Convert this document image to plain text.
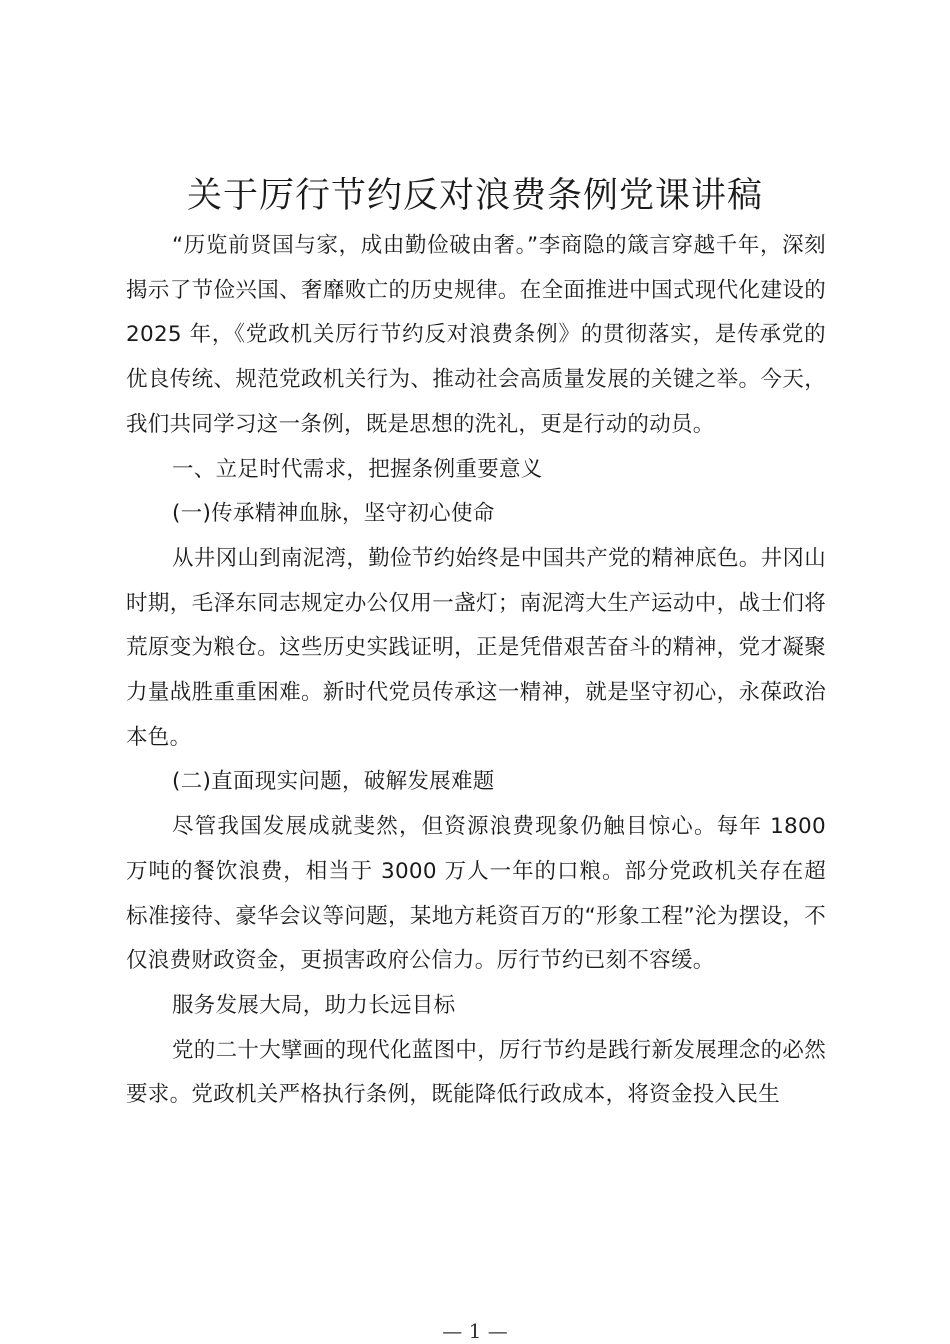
关于厉行节约反对浪费条例党课讲稿

“历览前贤国与家，成由勤俭破由奢。”李商隐的箴言穿越千年，深刻揭示了节俭兴国、奢靡败亡的历史规律。在全面推进中国式现代化建设的 2025 年，《党政机关厉行节约反对浪费条例》的贯彻落实，是传承党的优良传统、规范党政机关行为、推动社会高质量发展的关键之举。今天，我们共同学习这一条例，既是思想的洗礼，更是行动的动员。

一、立足时代需求，把握条例重要意义

(一)传承精神血脉，坚守初心使命

从井冈山到南泥湾，勤俭节约始终是中国共产党的精神底色。井冈山时期，毛泽东同志规定办公仅用一盏灯；南泥湾大生产运动中，战士们将荒原变为粮仓。这些历史实践证明，正是凭借艰苦奋斗的精神，党才凝聚力量战胜重重困难。新时代党员传承这一精神，就是坚守初心，永葆政治本色。

(二)直面现实问题，破解发展难题

尽管我国发展成就斐然，但资源浪费现象仍触目惊心。每年 1800 万吨的餐饮浪费，相当于 3000 万人一年的口粮。部分党政机关存在超标准接待、豪华会议等问题，某地方耗资百万的“形象工程”沦为摆设，不仅浪费财政资金，更损害政府公信力。厉行节约已刻不容缓。

服务发展大局，助力长远目标

党的二十大擘画的现代化蓝图中，厉行节约是践行新发展理念的必然要求。党政机关严格执行条例，既能降低行政成本，将资金投入民生

— 1 —
